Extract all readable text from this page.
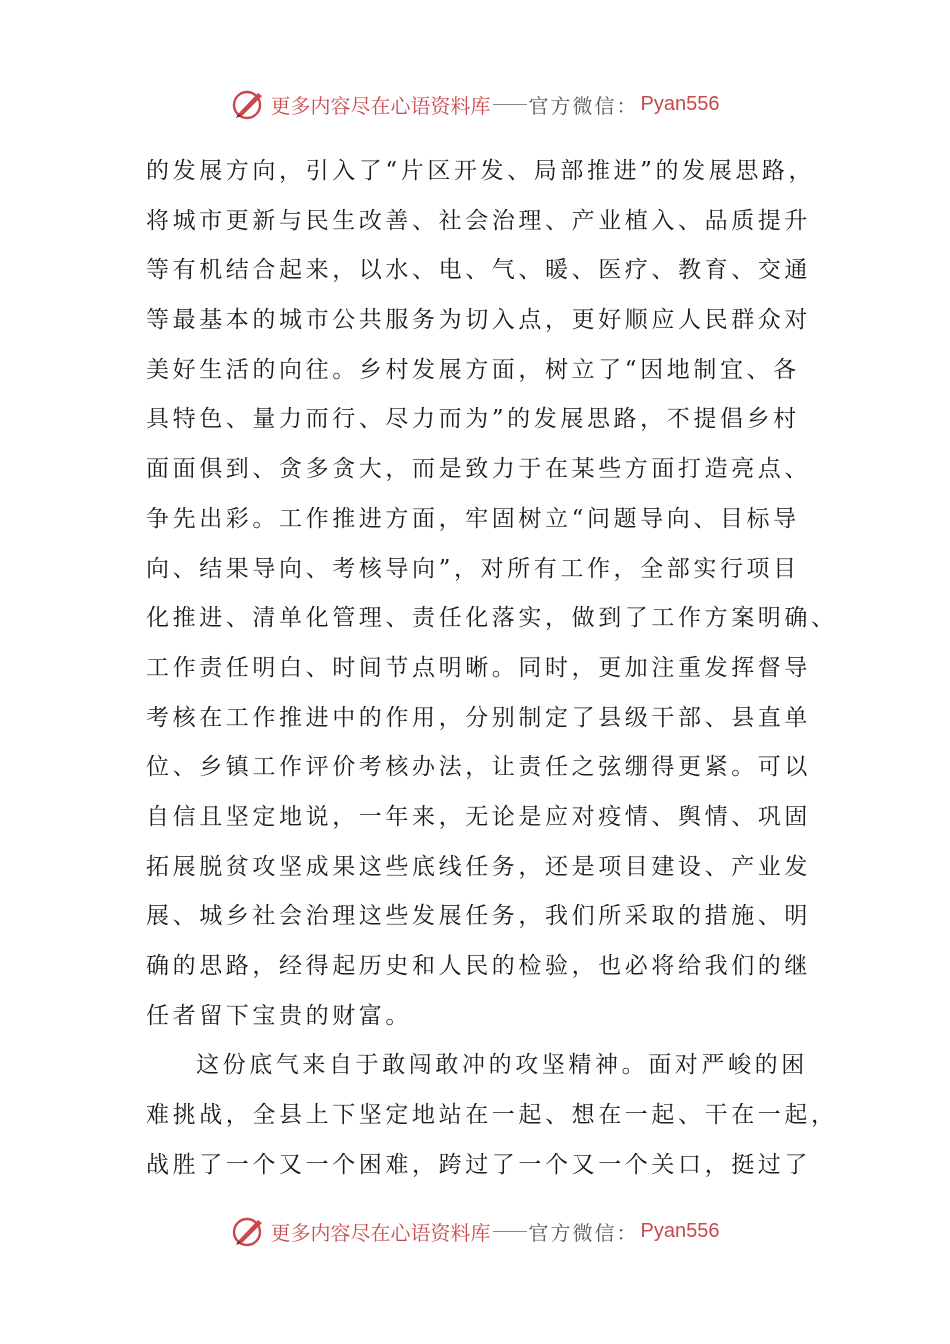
更多内容尽在心语资料库 官方微信： Pyan556
的发展方向，引入了“片区开发、局部推进”的发展思路，
将城市更新与民生改善、社会治理、产业植入、品质提升
等有机结合起来，以水、电、气、暖、医疗、教育、交通
等最基本的城市公共服务为切入点，更好顺应人民群众对
美好生活的向往。乡村发展方面，树立了“因地制宜、各
具特色、量力而行、尽力而为”的发展思路，不提倡乡村
面面俱到、贪多贪大，而是致力于在某些方面打造亮点、
争先出彩。工作推进方面，牢固树立“问题导向、目标导
向、结果导向、考核导向”，对所有工作，全部实行项目
化推进、清单化管理、责任化落实，做到了工作方案明确、
工作责任明白、时间节点明晰。同时，更加注重发挥督导
考核在工作推进中的作用，分别制定了县级干部、县直单
位、乡镇工作评价考核办法，让责任之弦绷得更紧。可以
自信且坚定地说，一年来，无论是应对疫情、舆情、巩固
拓展脱贫攻坚成果这些底线任务，还是项目建设、产业发
展、城乡社会治理这些发展任务，我们所采取的措施、明
确的思路，经得起历史和人民的检验，也必将给我们的继
任者留下宝贵的财富。
这份底气来自于敢闯敢冲的攻坚精神。面对严峻的困
难挑战，全县上下坚定地站在一起、想在一起、干在一起，
战胜了一个又一个困难，跨过了一个又一个关口，挺过了
更多内容尽在心语资料库 官方微信： Pyan556
